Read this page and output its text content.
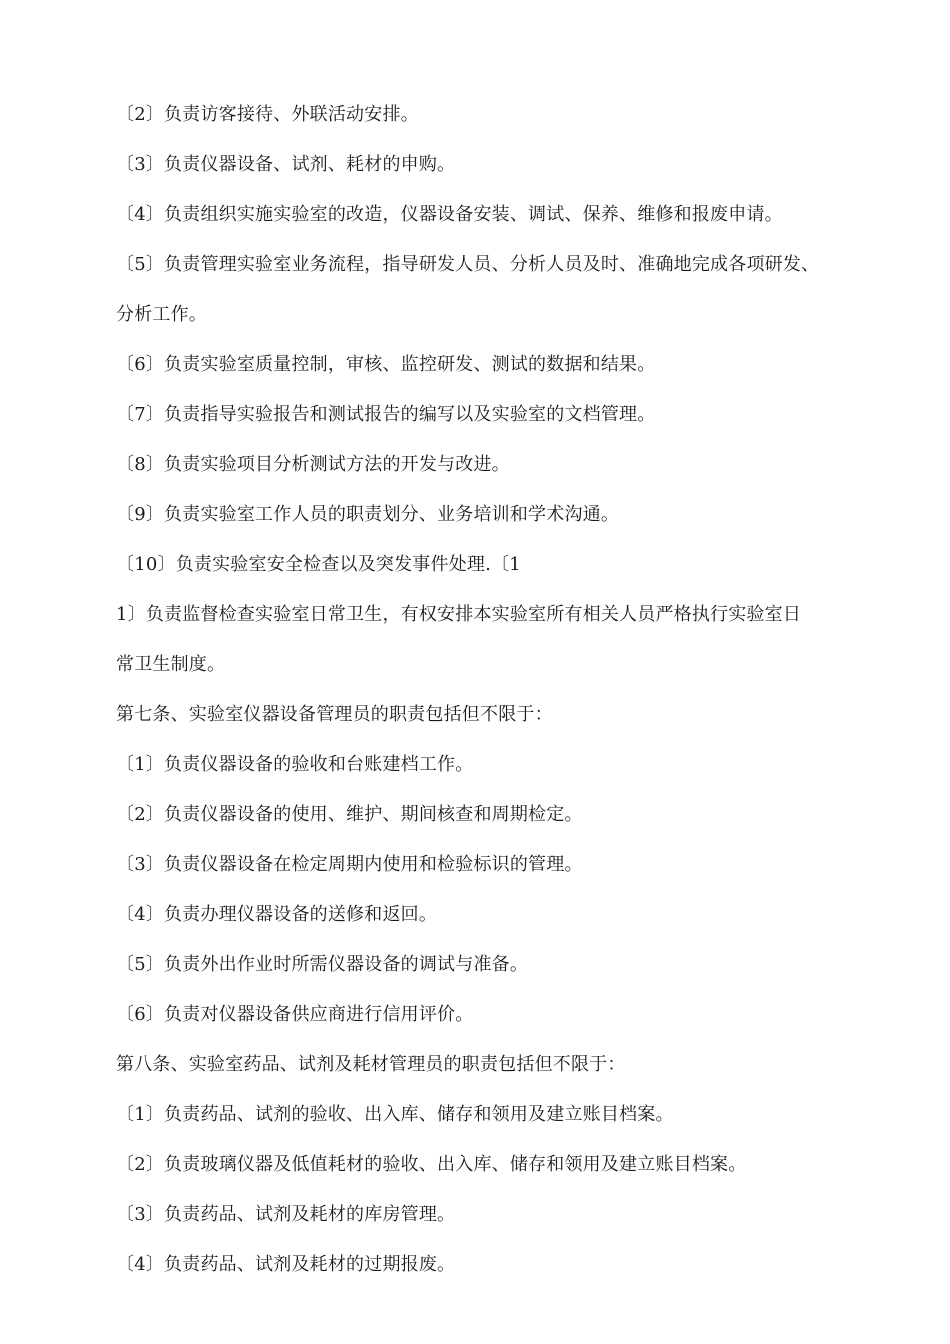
〔2〕负责访客接待、外联活动安排。
〔3〕负责仪器设备、试剂、耗材的申购。
〔4〕负责组织实施实验室的改造，仪器设备安装、调试、保养、维修和报废申请。
〔5〕负责管理实验室业务流程，指导研发人员、分析人员及时、准确地完成各项研发、
分析工作。
〔6〕负责实验室质量控制，审核、监控研发、测试的数据和结果。
〔7〕负责指导实验报告和测试报告的编写以及实验室的文档管理。
〔8〕负责实验项目分析测试方法的开发与改进。
〔9〕负责实验室工作人员的职责划分、业务培训和学术沟通。
〔10〕负责实验室安全检查以及突发事件处理.〔1
1〕负责监督检查实验室日常卫生，有权安排本实验室所有相关人员严格执行实验室日
常卫生制度。
第七条、实验室仪器设备管理员的职责包括但不限于：
〔1〕负责仪器设备的验收和台账建档工作。
〔2〕负责仪器设备的使用、维护、期间核查和周期检定。
〔3〕负责仪器设备在检定周期内使用和检验标识的管理。
〔4〕负责办理仪器设备的送修和返回。
〔5〕负责外出作业时所需仪器设备的调试与准备。
〔6〕负责对仪器设备供应商进行信用评价。
第八条、实验室药品、试剂及耗材管理员的职责包括但不限于：
〔1〕负责药品、试剂的验收、出入库、储存和领用及建立账目档案。
〔2〕负责玻璃仪器及低值耗材的验收、出入库、储存和领用及建立账目档案。
〔3〕负责药品、试剂及耗材的库房管理。
〔4〕负责药品、试剂及耗材的过期报废。
